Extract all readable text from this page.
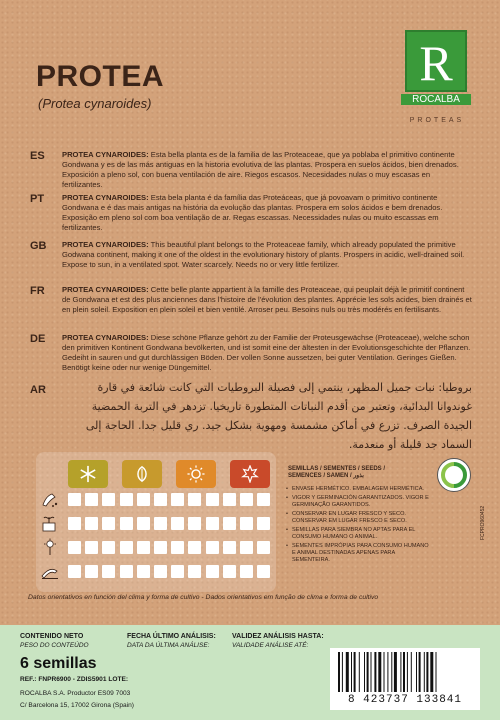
PROTEA
(Protea cynaroides)
R
ROCALBA
PROTEAS
ES PROTEA CYNAROIDES: Esta bella planta es de la familia de las Proteaceae, que ya poblaba el primitivo continente Gondwana y es de las más antiguas en la historia evolutiva de las plantas. Prospera en suelos ácidos, bien drenados. Exposición a pleno sol, con buena ventilación de aire. Riegos escasos. Necesidades nulas o muy escasas en fertilizantes.
PT PROTEA CYNAROIDES: Esta bela planta é da família das Proteáceas, que já povoavam o primitivo continente Gondwana e é das mais antigas na história da evolução das plantas. Prospera em solos ácidos e bem drenados. Exposição em pleno sol com boa ventilação de ar. Regas escassas. Necessidades nulas ou muito escassas em fertilizantes.
GB PROTEA CYNAROIDES: This beautiful plant belongs to the Proteaceae family, which already populated the primitive Godwana continent, making it one of the oldest in the evolutionary history of plants. Prospers in acidic, well-drained soil. Expose to sun, in a ventilated spot. Water scarcely. Needs no or very little fertilizer.
FR PROTEA CYNAROIDES: Cette belle plante appartient à la famille des Proteaceae, qui peuplait déjà le primitif continent de Gondwana et est des plus anciennes dans l'histoire de l'évolution des plantes. Apprécie les sols acides, bien drainés et en plein soleil. Exposition en plein soleil et bien ventilé. Arroser peu. Besoins nuls ou très modérés en fertilisants.
DE PROTEA CYNAROIDES: Diese schöne Pflanze gehört zu der Familie der Proteusgewächse (Proteaceae), welche schon den primitiven Kontinent Gondwana bevölkerten, und ist somit eine der ältesten in der Evolutionsgeschichte der Pflanzen. Gedeiht in sauren und gut durchlässigen Böden. Der vollen Sonne aussetzen, bei guter Ventilation. Geringes Gießen. Benötigt keine oder nur wenige Düngemittel.
AR	بروطيا: نبات جميل المظهر، ينتمي إلى فصيلة البروطيات التي كانت شائعة في قارة غوندوانا البدائية، وتعتبر من أقدم النباتات المتطورة تاريخيا. تزدهر في التربة الحمضية الجيدة الصرف. تزرع في أماكن مشمسة ومهوية بشكل جيد. ري قليل جدا. الحاجة إلى السماد جد قليلة أو منعدمة.
SEMILLAS / SEMENTES / SEEDS /
SEMENCES / SAMEN / بذور
• ENVASE HERMÉTICO. EMBALAGEM HERMÉTICA.
• VIGOR Y GERMINACIÓN GARANTIZADOS. VIGOR E GERMINAÇÃO GARANTIDOS.
• CONSERVAR EN LUGAR FRESCO Y SECO. CONSERVAR EM LUGAR FRESCO E SECO.
• SEMILLAS PARA SIEMBRA NO APTAS PARA EL CONSUMO HUMANO O ANIMAL.
• SEMENTES IMPRÓPIAS PARA CONSUMO HUMANO E ANIMAL DESTINADAS APENAS PARA SEMENTEIRA.
Datos orientativos en función del clima y forma de cultivo - Dados orientativos em função de clima e forma de cultivo
CONTENIDO NETO
PESO DO CONTEÚDO
6 semillas
FECHA ÚLTIMO ANÁLISIS:
DATA DA ÚLTIMA ANÁLISE:
VALIDEZ ANÁLISIS HASTA:
VALIDADE ANÁLISE ATÉ:
REF.: FNPR6900 - ZDIS5901 LOTE:
ROCALBA S.A. Productor ES09 7003
C/ Barcelona 15, 17002 Girona (Spain)	8 423737 133841
FCPRO960452
